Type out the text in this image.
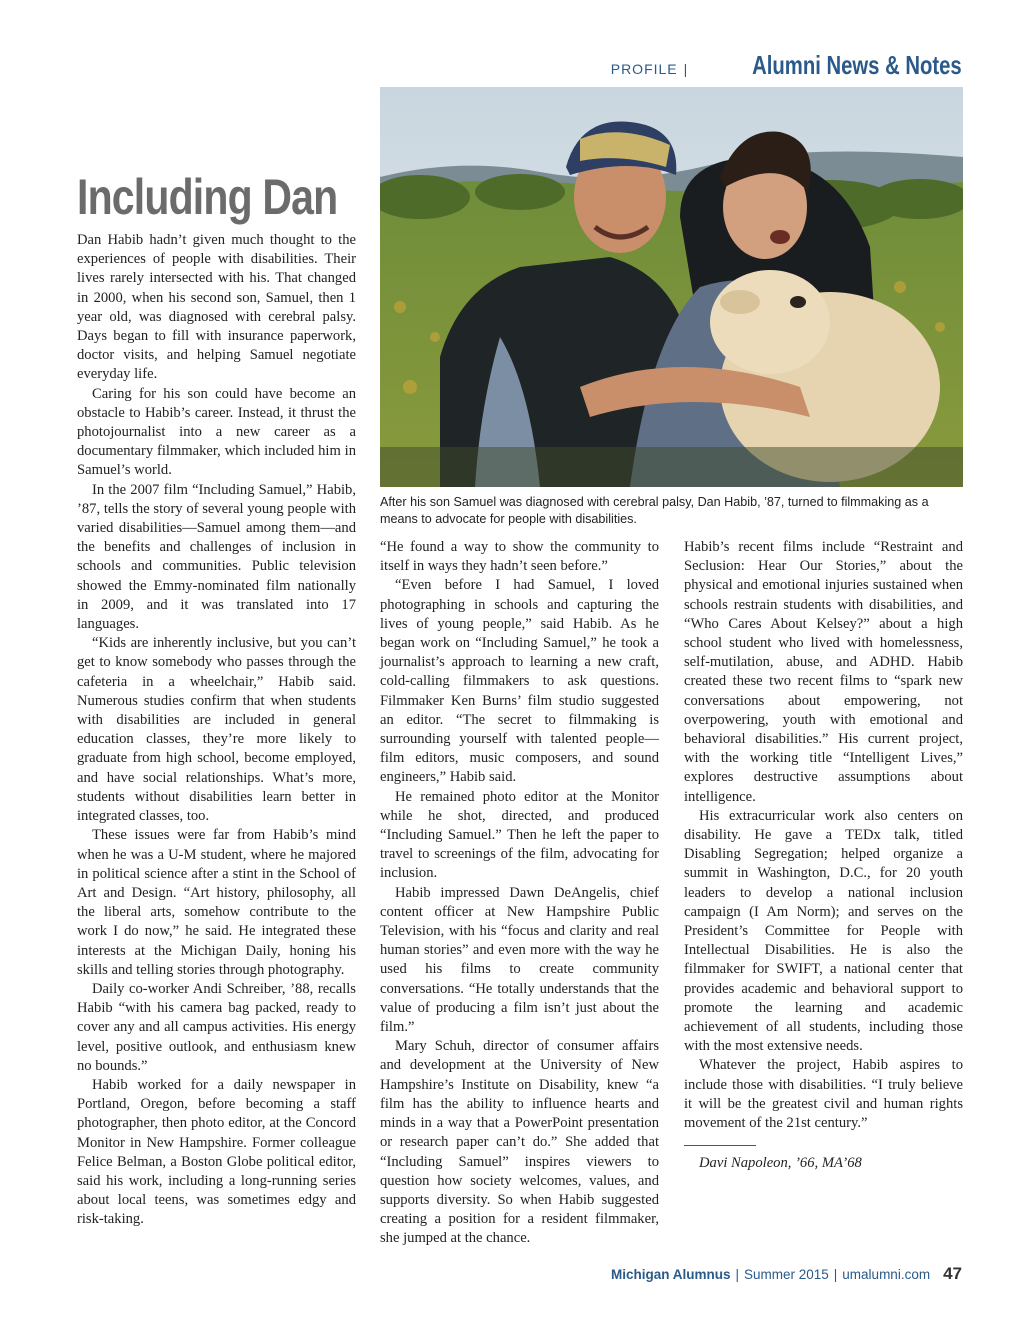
PROFILE |	Alumni News & Notes
After his son Samuel was diagnosed with cerebral palsy, Dan Habib, ’87, turned to filmmaking as a means to advocate for people with disabilities.
Including Dan

Dan Habib hadn’t given much thought to the experiences of people with disabilities. Their lives rarely intersected with his. That changed in 2000, when his second son, Samuel, then 1 year old, was diagnosed with cerebral palsy. Days began to fill with insurance paperwork, doctor visits, and helping Samuel negotiate everyday life.

Caring for his son could have become an obstacle to Habib’s career. Instead, it thrust the photojournalist into a new career as a documentary filmmaker, which included him in Samuel’s world.

In the 2007 film “Including Samuel,” Habib, ’87, tells the story of several young people with varied disabilities—Samuel among them—and the benefits and challenges of inclusion in schools and communities. Public television showed the Emmy-nominated film nationally in 2009, and it was translated into 17 languages.

“Kids are inherently inclusive, but you can’t get to know somebody who passes through the cafeteria in a wheelchair,” Habib said. Numerous studies confirm that when students with disabilities are included in general education classes, they’re more likely to graduate from high school, become employed, and have social relationships. What’s more, students without disabilities learn better in integrated classes, too.

These issues were far from Habib’s mind when he was a U-M student, where he majored in political science after a stint in the School of Art and Design. “Art history, philosophy, all the liberal arts, somehow contribute to the work I do now,” he said. He integrated these interests at the Michigan Daily, honing his skills and telling stories through photography.

Daily co-worker Andi Schreiber, ’88, recalls Habib “with his camera bag packed, ready to cover any and all campus activities. His energy level, positive outlook, and enthusiasm knew no bounds.”

Habib worked for a daily newspaper in Portland, Oregon, before becoming a staff photographer, then photo editor, at the Concord Monitor in New Hampshire. Former colleague Felice Belman, a Boston Globe political editor, said his work, including a long-running series about local teens, was sometimes edgy and risk-taking.

“He found a way to show the community to itself in ways they hadn’t seen before.”

“Even before I had Samuel, I loved photographing in schools and capturing the lives of young people,” said Habib. As he began work on “Including Samuel,” he took a journalist’s approach to learning a new craft, cold-calling filmmakers to ask questions. Filmmaker Ken Burns’ film studio suggested an editor. “The secret to filmmaking is surrounding yourself with talented people—film editors, music composers, and sound engineers,” Habib said.

He remained photo editor at the Monitor while he shot, directed, and produced “Including Samuel.” Then he left the paper to travel to screenings of the film, advocating for inclusion.

Habib impressed Dawn DeAngelis, chief content officer at New Hampshire Public Television, with his “focus and clarity and real human stories” and even more with the way he used his films to create community conversations. “He totally understands that the value of producing a film isn’t just about the film.”

Mary Schuh, director of consumer affairs and development at the University of New Hampshire’s Institute on Disability, knew “a film has the ability to influence hearts and minds in a way that a PowerPoint presentation or research paper can’t do.” She added that “Including Samuel” inspires viewers to question how society welcomes, values, and supports diversity. So when Habib suggested creating a position for a resident filmmaker, she jumped at the chance.

Habib’s recent films include “Restraint and Seclusion: Hear Our Stories,” about the physical and emotional injuries sustained when schools restrain students with disabilities, and “Who Cares About Kelsey?” about a high school student who lived with homelessness, self-mutilation, abuse, and ADHD. Habib created these two recent films to “spark new conversations about empowering, not overpowering, youth with emotional and behavioral disabilities.” His current project, with the working title “Intelligent Lives,” explores destructive assumptions about intelligence.

His extracurricular work also centers on disability. He gave a TEDx talk, titled Disabling Segregation; helped organize a summit in Washington, D.C., for 20 youth leaders to develop a national inclusion campaign (I Am Norm); and serves on the President’s Committee for People with Intellectual Disabilities. He is also the filmmaker for SWIFT, a national center that provides academic and behavioral support to promote the learning and academic achievement of all students, including those with the most extensive needs.

Whatever the project, Habib aspires to include those with disabilities. “I truly believe it will be the greatest civil and human rights movement of the 21st century.”

Davi Napoleon, ’66, MA’68

Michigan Alumnus | Summer 2015 | umalumni.com 47
